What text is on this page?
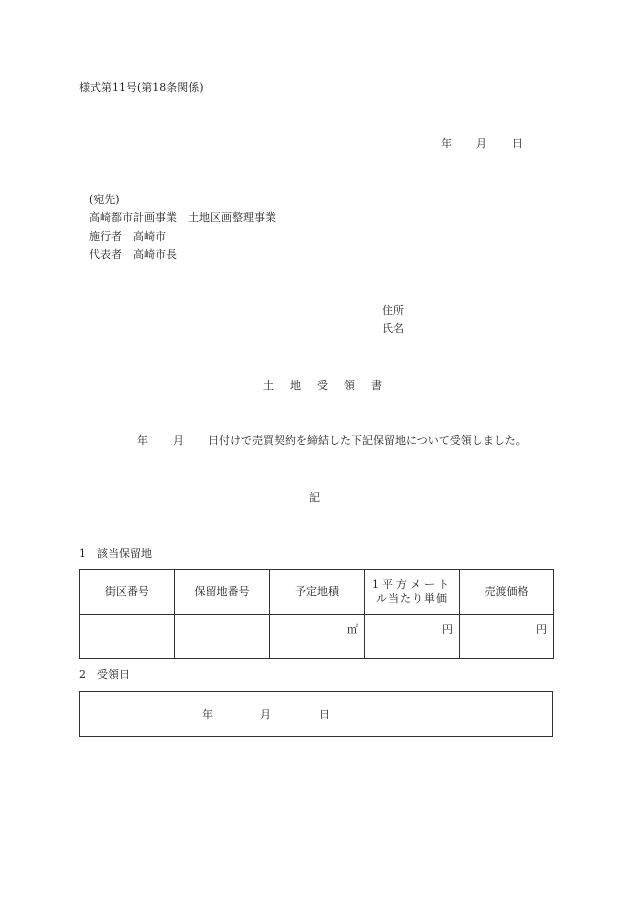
様式第11号(第18条関係)
年 月 日
(宛先)
高崎都市計画事業　土地区画整理事業
施行者　高崎市
代表者　高崎市長
住所
氏名
土地受領書
年 月 日付けで売買契約を締結した下記保留地について受領しました。
記
1　該当保留地
街区番号	保留地番号	予定地積	1平方メート
ル当たり単価	売渡価格
		㎡	円	円
2　受領日
年	月	日
